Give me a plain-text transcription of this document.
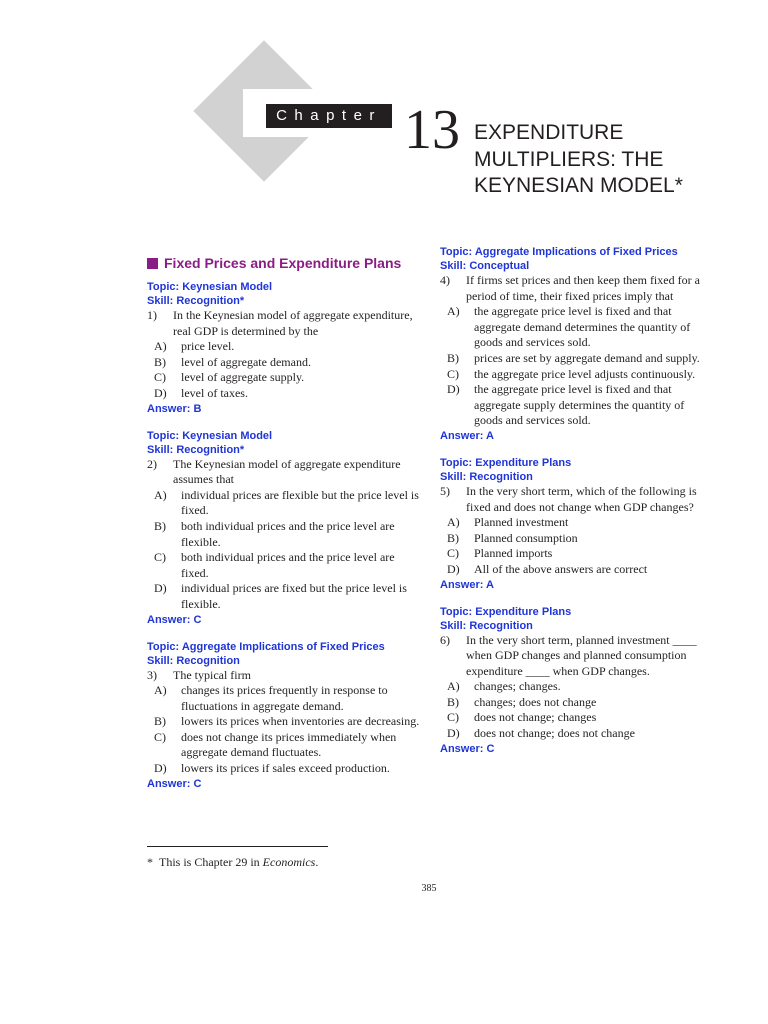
Chapter 13 EXPENDITURE
MULTIPLIERS: THE
KEYNESIAN MODEL*
Fixed Prices and Expenditure Plans
Topic: Keynesian Model
Skill: Recognition*
1) In the Keynesian model of aggregate expenditure, real GDP is determined by the
A) price level.
B) level of aggregate demand.
C) level of aggregate supply.
D) level of taxes.
Answer: B
Topic: Keynesian Model
Skill: Recognition*
2) The Keynesian model of aggregate expenditure assumes that
A) individual prices are flexible but the price level is fixed.
B) both individual prices and the price level are flexible.
C) both individual prices and the price level are fixed.
D) individual prices are fixed but the price level is flexible.
Answer: C
Topic: Aggregate Implications of Fixed Prices
Skill: Recognition
3) The typical firm
A) changes its prices frequently in response to fluctuations in aggregate demand.
B) lowers its prices when inventories are decreasing.
C) does not change its prices immediately when aggregate demand fluctuates.
D) lowers its prices if sales exceed production.
Answer: C
Topic: Aggregate Implications of Fixed Prices
Skill: Conceptual
4) If firms set prices and then keep them fixed for a period of time, their fixed prices imply that
A) the aggregate price level is fixed and that aggregate demand determines the quantity of goods and services sold.
B) prices are set by aggregate demand and supply.
C) the aggregate price level adjusts continuously.
D) the aggregate price level is fixed and that aggregate supply determines the quantity of goods and services sold.
Answer: A
Topic: Expenditure Plans
Skill: Recognition
5) In the very short term, which of the following is fixed and does not change when GDP changes?
A) Planned investment
B) Planned consumption
C) Planned imports
D) All of the above answers are correct
Answer: A
Topic: Expenditure Plans
Skill: Recognition
6) In the very short term, planned investment ____ when GDP changes and planned consumption expenditure ____ when GDP changes.
A) changes; changes.
B) changes; does not change
C) does not change; changes
D) does not change; does not change
Answer: C
* This is Chapter 29 in Economics.
385
